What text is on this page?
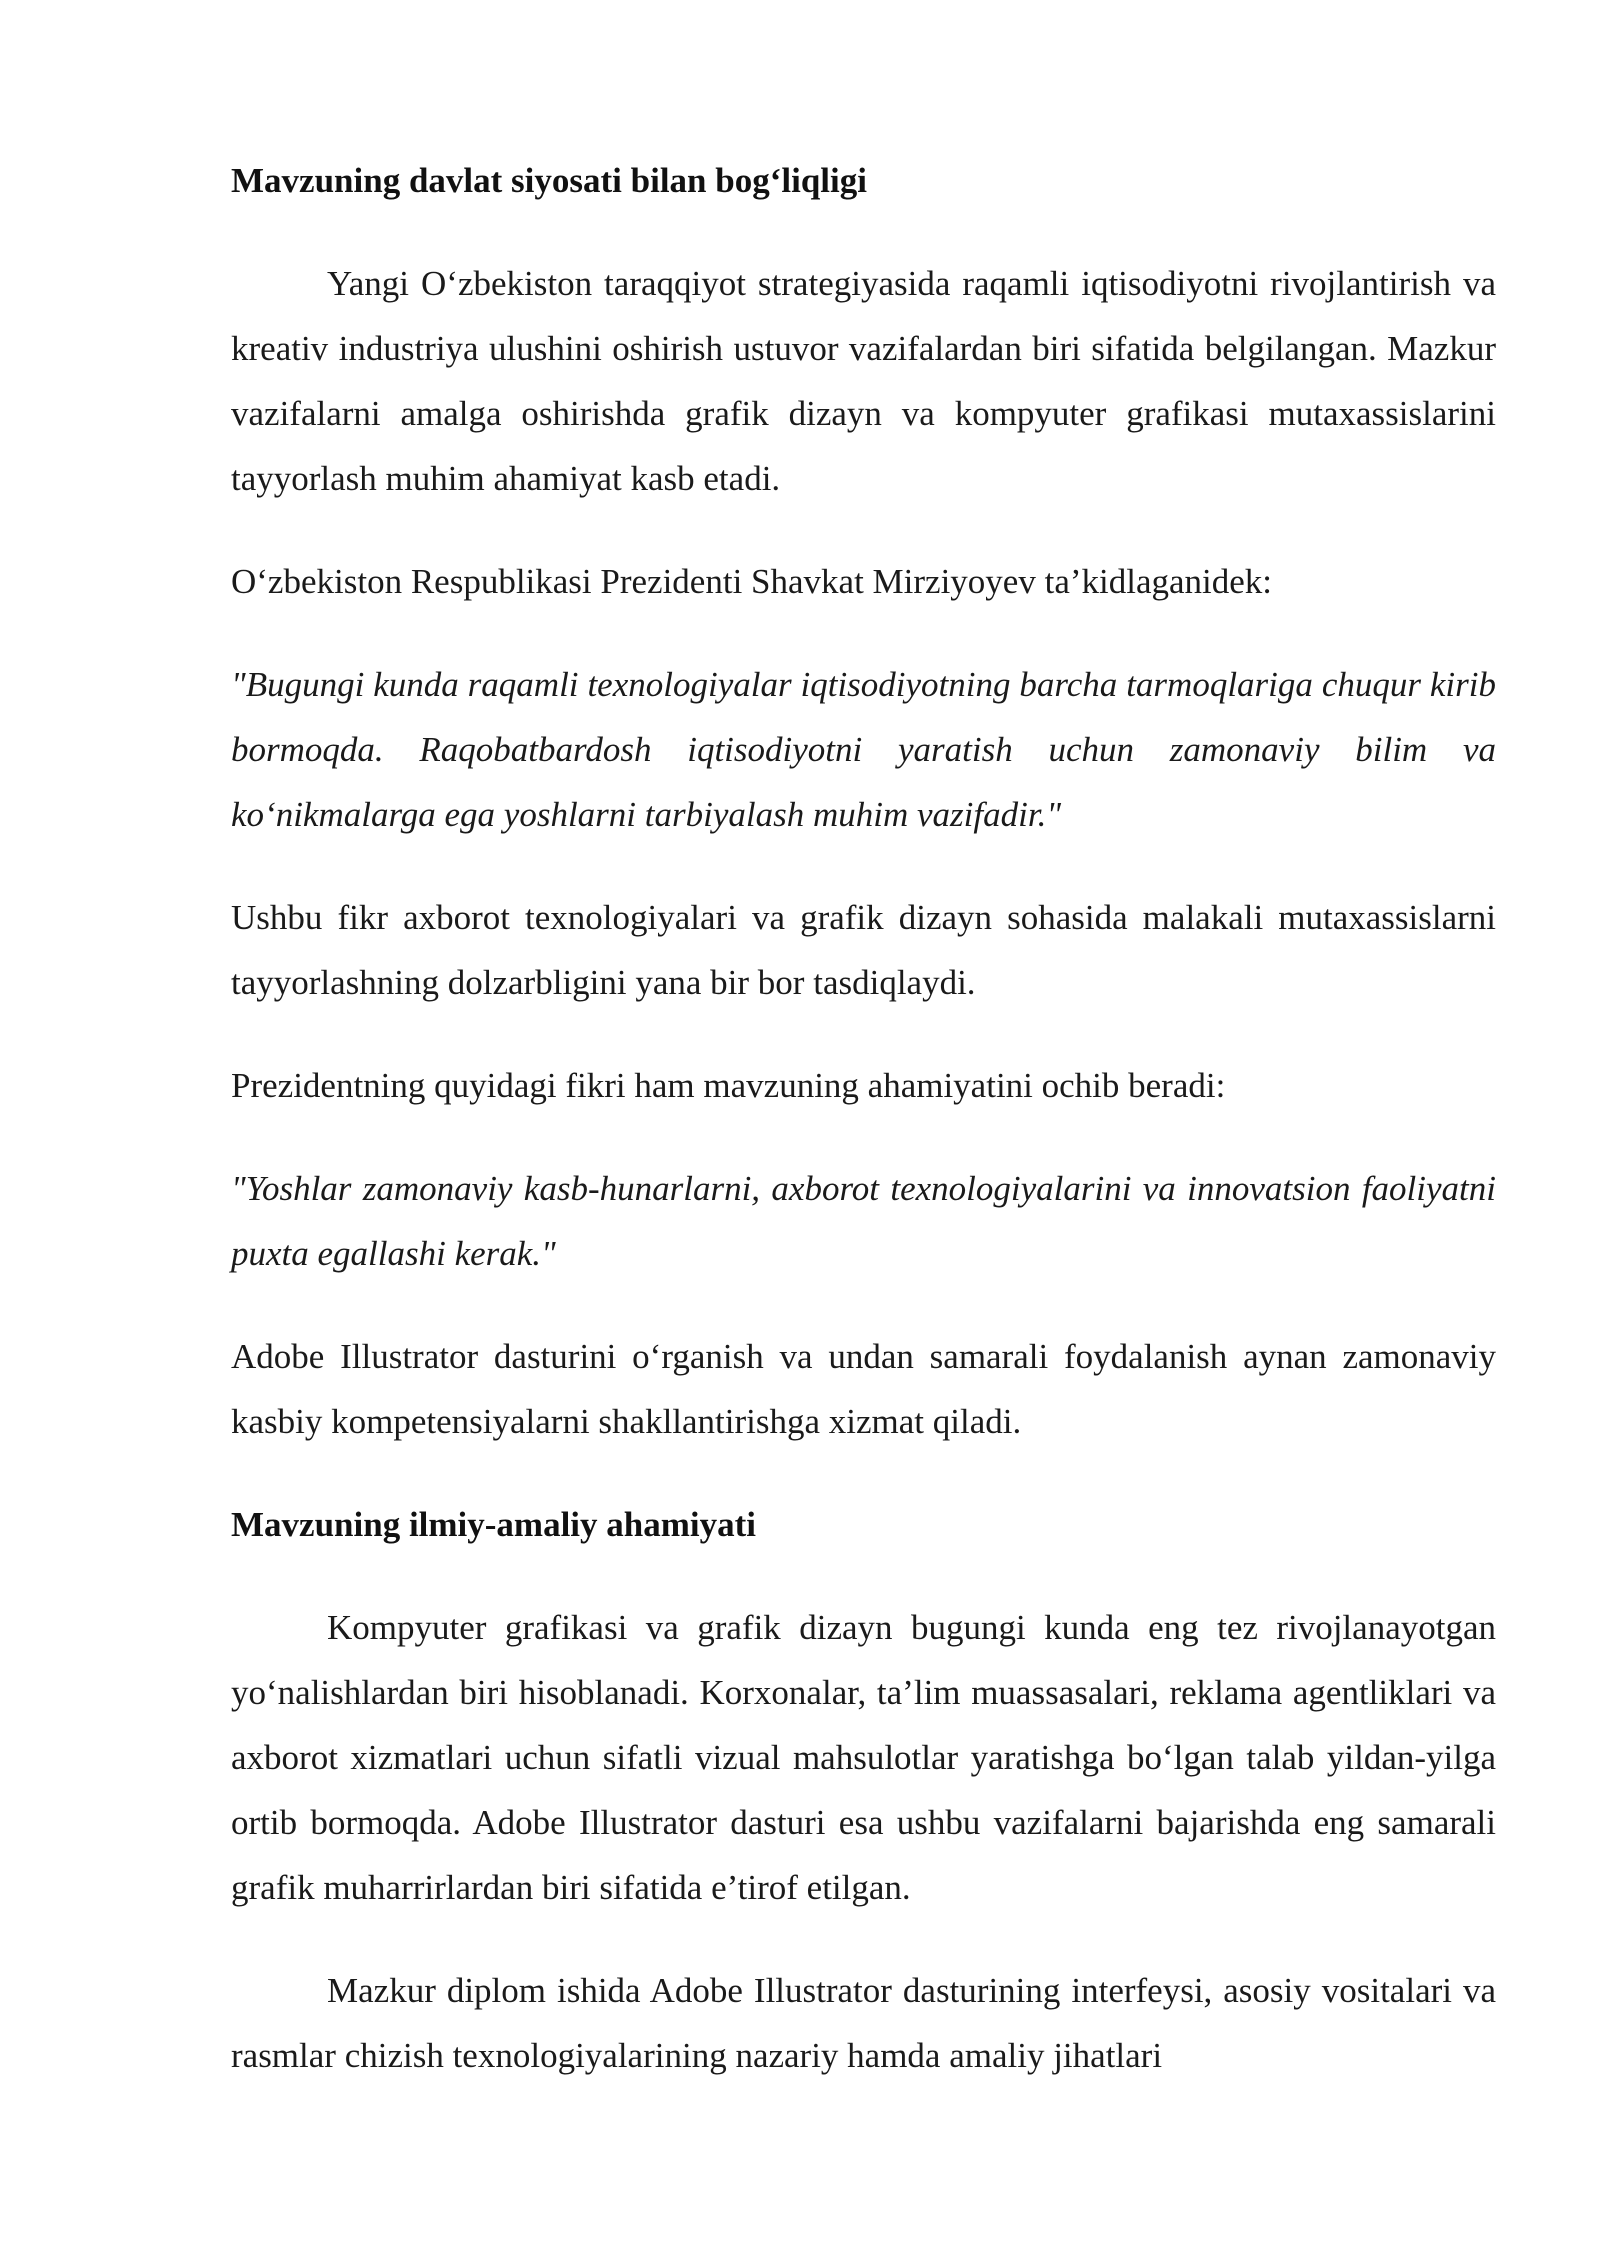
Mavzuning davlat siyosati bilan bog‘liqligi

Yangi O‘zbekiston taraqqiyot strategiyasida raqamli iqtisodiyotni rivojlantirish va kreativ industriya ulushini oshirish ustuvor vazifalardan biri sifatida belgilangan. Mazkur vazifalarni amalga oshirishda grafik dizayn va kompyuter grafikasi mutaxassislarini tayyorlash muhim ahamiyat kasb etadi.

O‘zbekiston Respublikasi Prezidenti Shavkat Mirziyoyev ta’kidlaganidek:

"Bugungi kunda raqamli texnologiyalar iqtisodiyotning barcha tarmoqlariga chuqur kirib bormoqda. Raqobatbardosh iqtisodiyotni yaratish uchun zamonaviy bilim va ko‘nikmalarga ega yoshlarni tarbiyalash muhim vazifadir."

Ushbu fikr axborot texnologiyalari va grafik dizayn sohasida malakali mutaxassislarni tayyorlashning dolzarbligini yana bir bor tasdiqlaydi.

Prezidentning quyidagi fikri ham mavzuning ahamiyatini ochib beradi:

"Yoshlar zamonaviy kasb-hunarlarni, axborot texnologiyalarini va innovatsion faoliyatni puxta egallashi kerak."

Adobe Illustrator dasturini o‘rganish va undan samarali foydalanish aynan zamonaviy kasbiy kompetensiyalarni shakllantirishga xizmat qiladi.

Mavzuning ilmiy-amaliy ahamiyati

Kompyuter grafikasi va grafik dizayn bugungi kunda eng tez rivojlanayotgan yo‘nalishlardan biri hisoblanadi. Korxonalar, ta’lim muassasalari, reklama agentliklari va axborot xizmatlari uchun sifatli vizual mahsulotlar yaratishga bo‘lgan talab yildan-yilga ortib bormoqda. Adobe Illustrator dasturi esa ushbu vazifalarni bajarishda eng samarali grafik muharrirlardan biri sifatida e’tirof etilgan.

Mazkur diplom ishida Adobe Illustrator dasturining interfeysi, asosiy vositalari va rasmlar chizish texnologiyalarining nazariy hamda amaliy jihatlari
